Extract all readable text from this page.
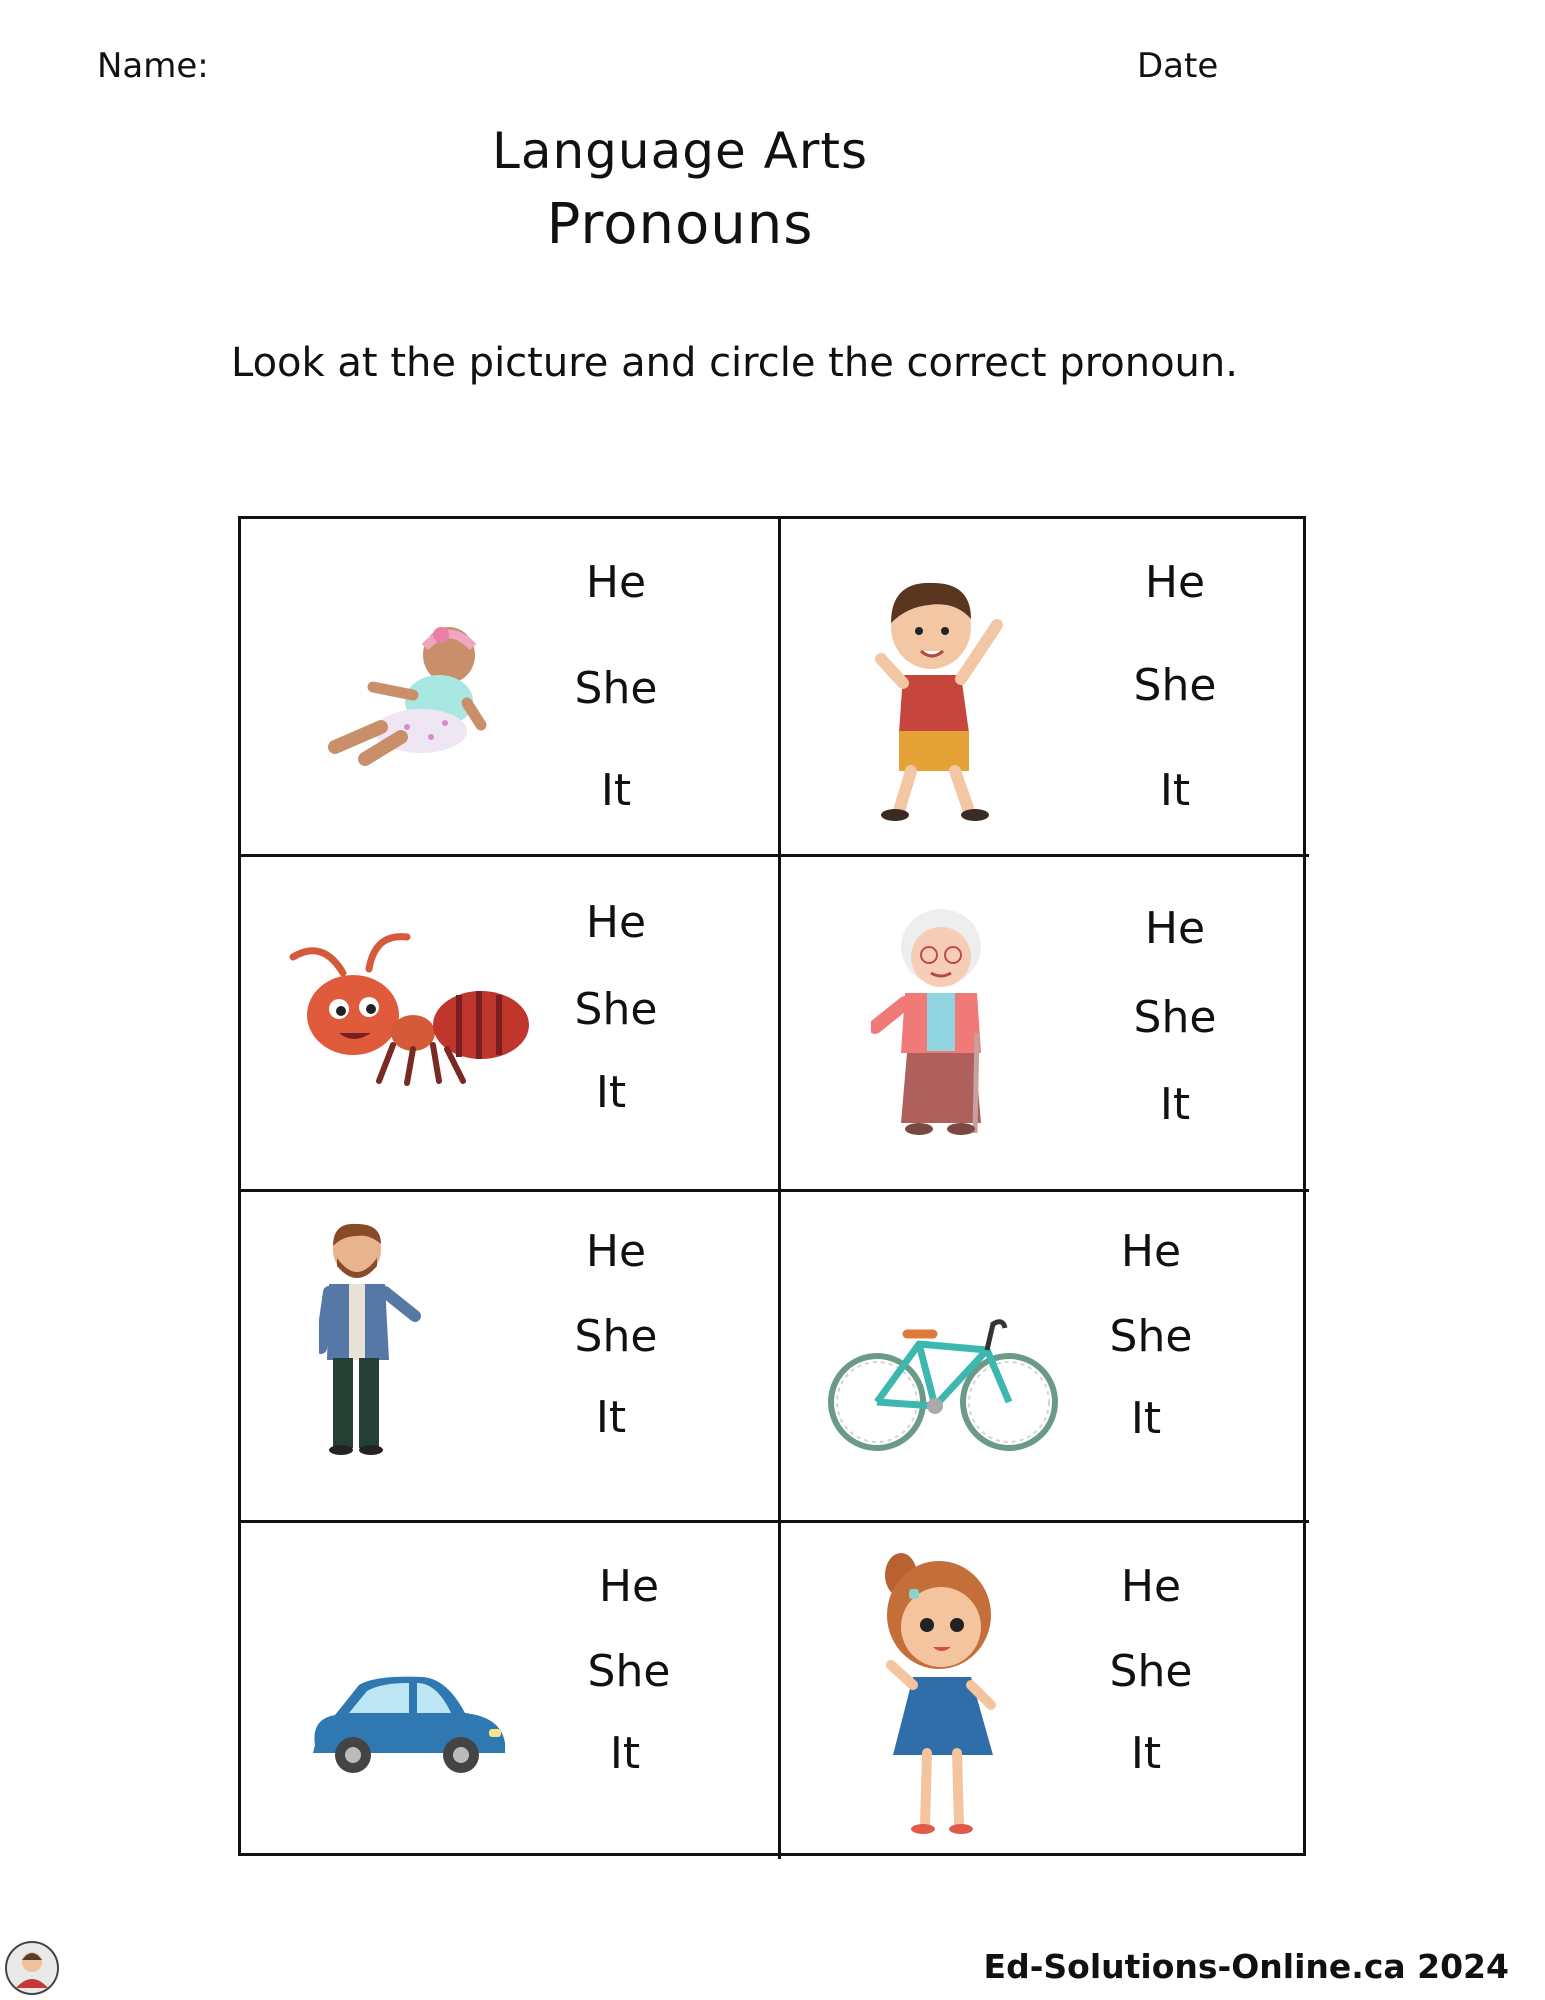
Name:	Date
Language Arts
Pronouns
Look at the picture and circle the correct pronoun.
He
She
It
He
She
It
He
She
It
He
She
It
He
She
It
He
She
It
He
She
It
He
She
It
Ed-Solutions-Online.ca 2024
